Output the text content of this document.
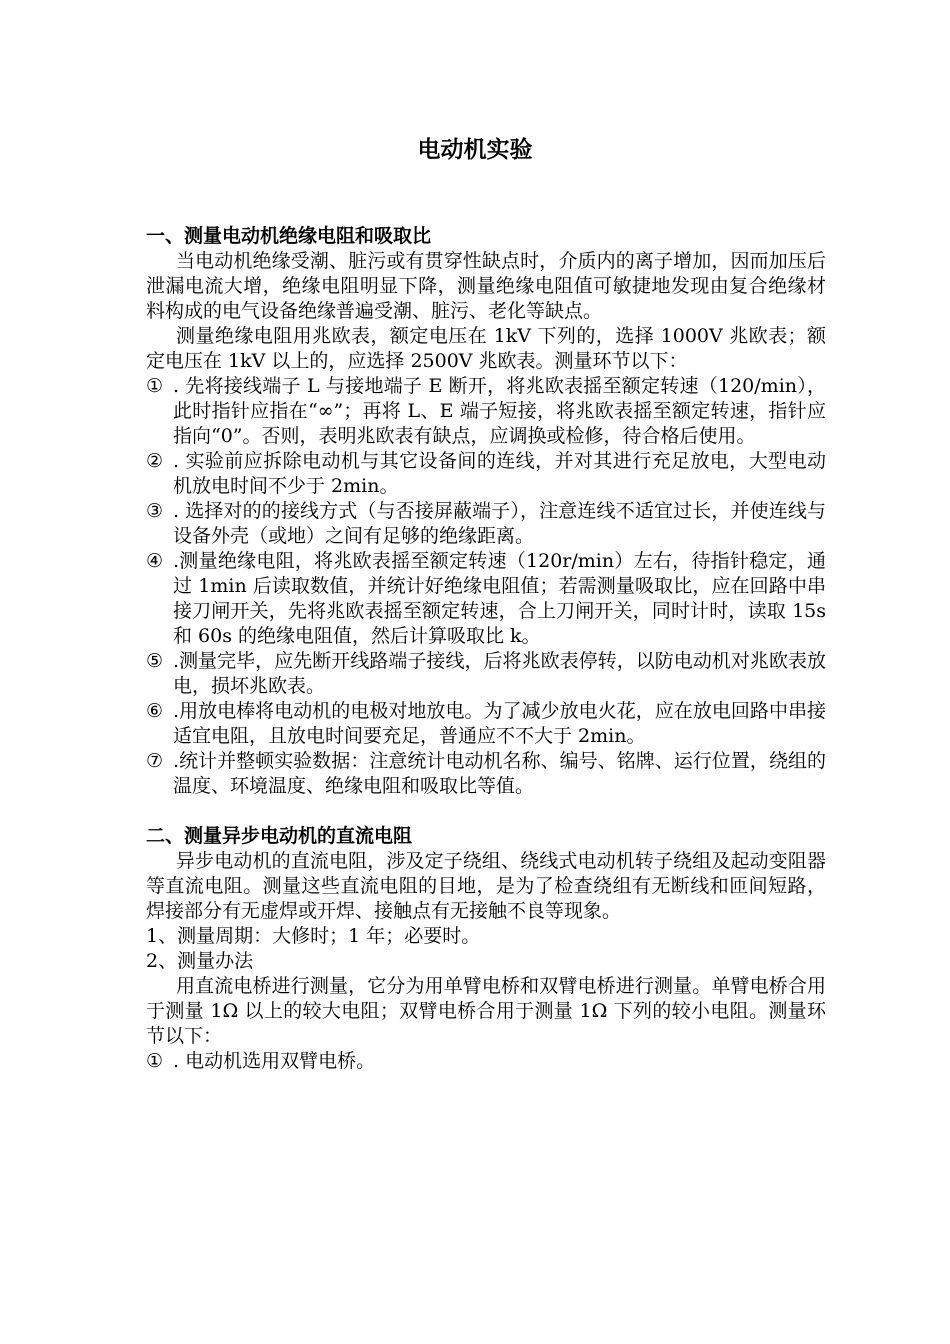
电动机实验

一、测量电动机绝缘电阻和吸取比

当电动机绝缘受潮、脏污或有贯穿性缺点时，介质内的离子增加，因而加压后泄漏电流大增，绝缘电阻明显下降，测量绝缘电阻值可敏捷地发现由复合绝缘材料构成的电气设备绝缘普遍受潮、脏污、老化等缺点。

测量绝缘电阻用兆欧表，额定电压在 1kV 下列的，选择 1000V 兆欧表；额定电压在 1kV 以上的，应选择 2500V 兆欧表。测量环节以下：

① . 先将接线端子 L 与接地端子 E 断开，将兆欧表摇至额定转速（120/min），此时指针应指在“∞”；再将 L、E 端子短接，将兆欧表摇至额定转速，指针应指向“0”。否则，表明兆欧表有缺点，应调换或检修，待合格后使用。

② . 实验前应拆除电动机与其它设备间的连线，并对其进行充足放电，大型电动机放电时间不少于 2min。

③ . 选择对的的接线方式（与否接屏蔽端子），注意连线不适宜过长，并使连线与设备外壳（或地）之间有足够的绝缘距离。

④ .测量绝缘电阻，将兆欧表摇至额定转速（120r/min）左右，待指针稳定，通过 1min 后读取数值，并统计好绝缘电阻值；若需测量吸取比，应在回路中串接刀闸开关，先将兆欧表摇至额定转速，合上刀闸开关，同时计时，读取 15s 和 60s 的绝缘电阻值，然后计算吸取比 k。

⑤ .测量完毕，应先断开线路端子接线，后将兆欧表停转，以防电动机对兆欧表放电，损坏兆欧表。

⑥ .用放电棒将电动机的电极对地放电。为了减少放电火花，应在放电回路中串接适宜电阻，且放电时间要充足，普通应不不大于 2min。

⑦ .统计并整顿实验数据：注意统计电动机名称、编号、铭牌、运行位置，绕组的温度、环境温度、绝缘电阻和吸取比等值。

二、测量异步电动机的直流电阻

异步电动机的直流电阻，涉及定子绕组、绕线式电动机转子绕组及起动变阻器等直流电阻。测量这些直流电阻的目地，是为了检查绕组有无断线和匝间短路，焊接部分有无虚焊或开焊、接触点有无接触不良等现象。

1、测量周期：大修时；1 年；必要时。

2、测量办法

用直流电桥进行测量，它分为用单臂电桥和双臂电桥进行测量。单臂电桥合用于测量 1Ω 以上的较大电阻；双臂电桥合用于测量 1Ω 下列的较小电阻。测量环节以下：

① . 电动机选用双臂电桥。
